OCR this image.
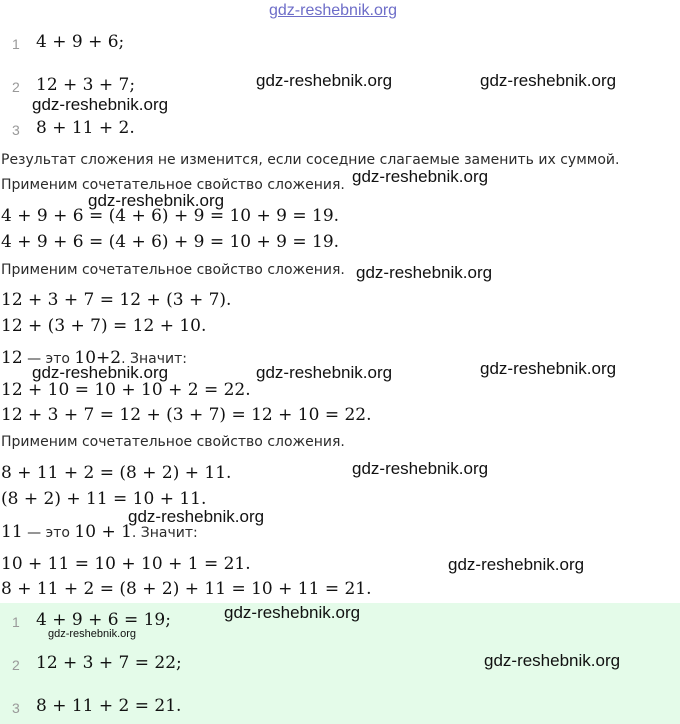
gdz-reshebnik.org
1 4 + 9 + 6;
2 12 + 3 + 7;
3 8 + 11 + 2.
Результат сложения не изменится, если соседние слагаемые заменить их суммой.
Применим сочетательное свойство сложения.
4 + 9 + 6 = (4 + 6) + 9 = 10 + 9 = 19.
4 + 9 + 6 = (4 + 6) + 9 = 10 + 9 = 19.
Применим сочетательное свойство сложения.
12 + 3 + 7 = 12 + (3 + 7).
12 + (3 + 7) = 12 + 10.
12 — это 10+2. Значит:
12 + 10 = 10 + 10 + 2 = 22.
12 + 3 + 7 = 12 + (3 + 7) = 12 + 10 = 22.
Применим сочетательное свойство сложения.
8 + 11 + 2 = (8 + 2) + 11.
(8 + 2) + 11 = 10 + 11.
11 — это 10 + 1. Значит:
10 + 11 = 10 + 10 + 1 = 21.
8 + 11 + 2 = (8 + 2) + 11 = 10 + 11 = 21.
1 4 + 9 + 6 = 19;
2 12 + 3 + 7 = 22;
3 8 + 11 + 2 = 21.
gdz-reshebnik.org	gdz-reshebnik.org
gdz-reshebnik.org
gdz-reshebnik.org
gdz-reshebnik.org
gdz-reshebnik.org
gdz-reshebnik.org	gdz-reshebnik.org	gdz-reshebnik.org
gdz-reshebnik.org
gdz-reshebnik.org
gdz-reshebnik.org
gdz-reshebnik.org
gdz-reshebnik.org
gdz-reshebnik.org
